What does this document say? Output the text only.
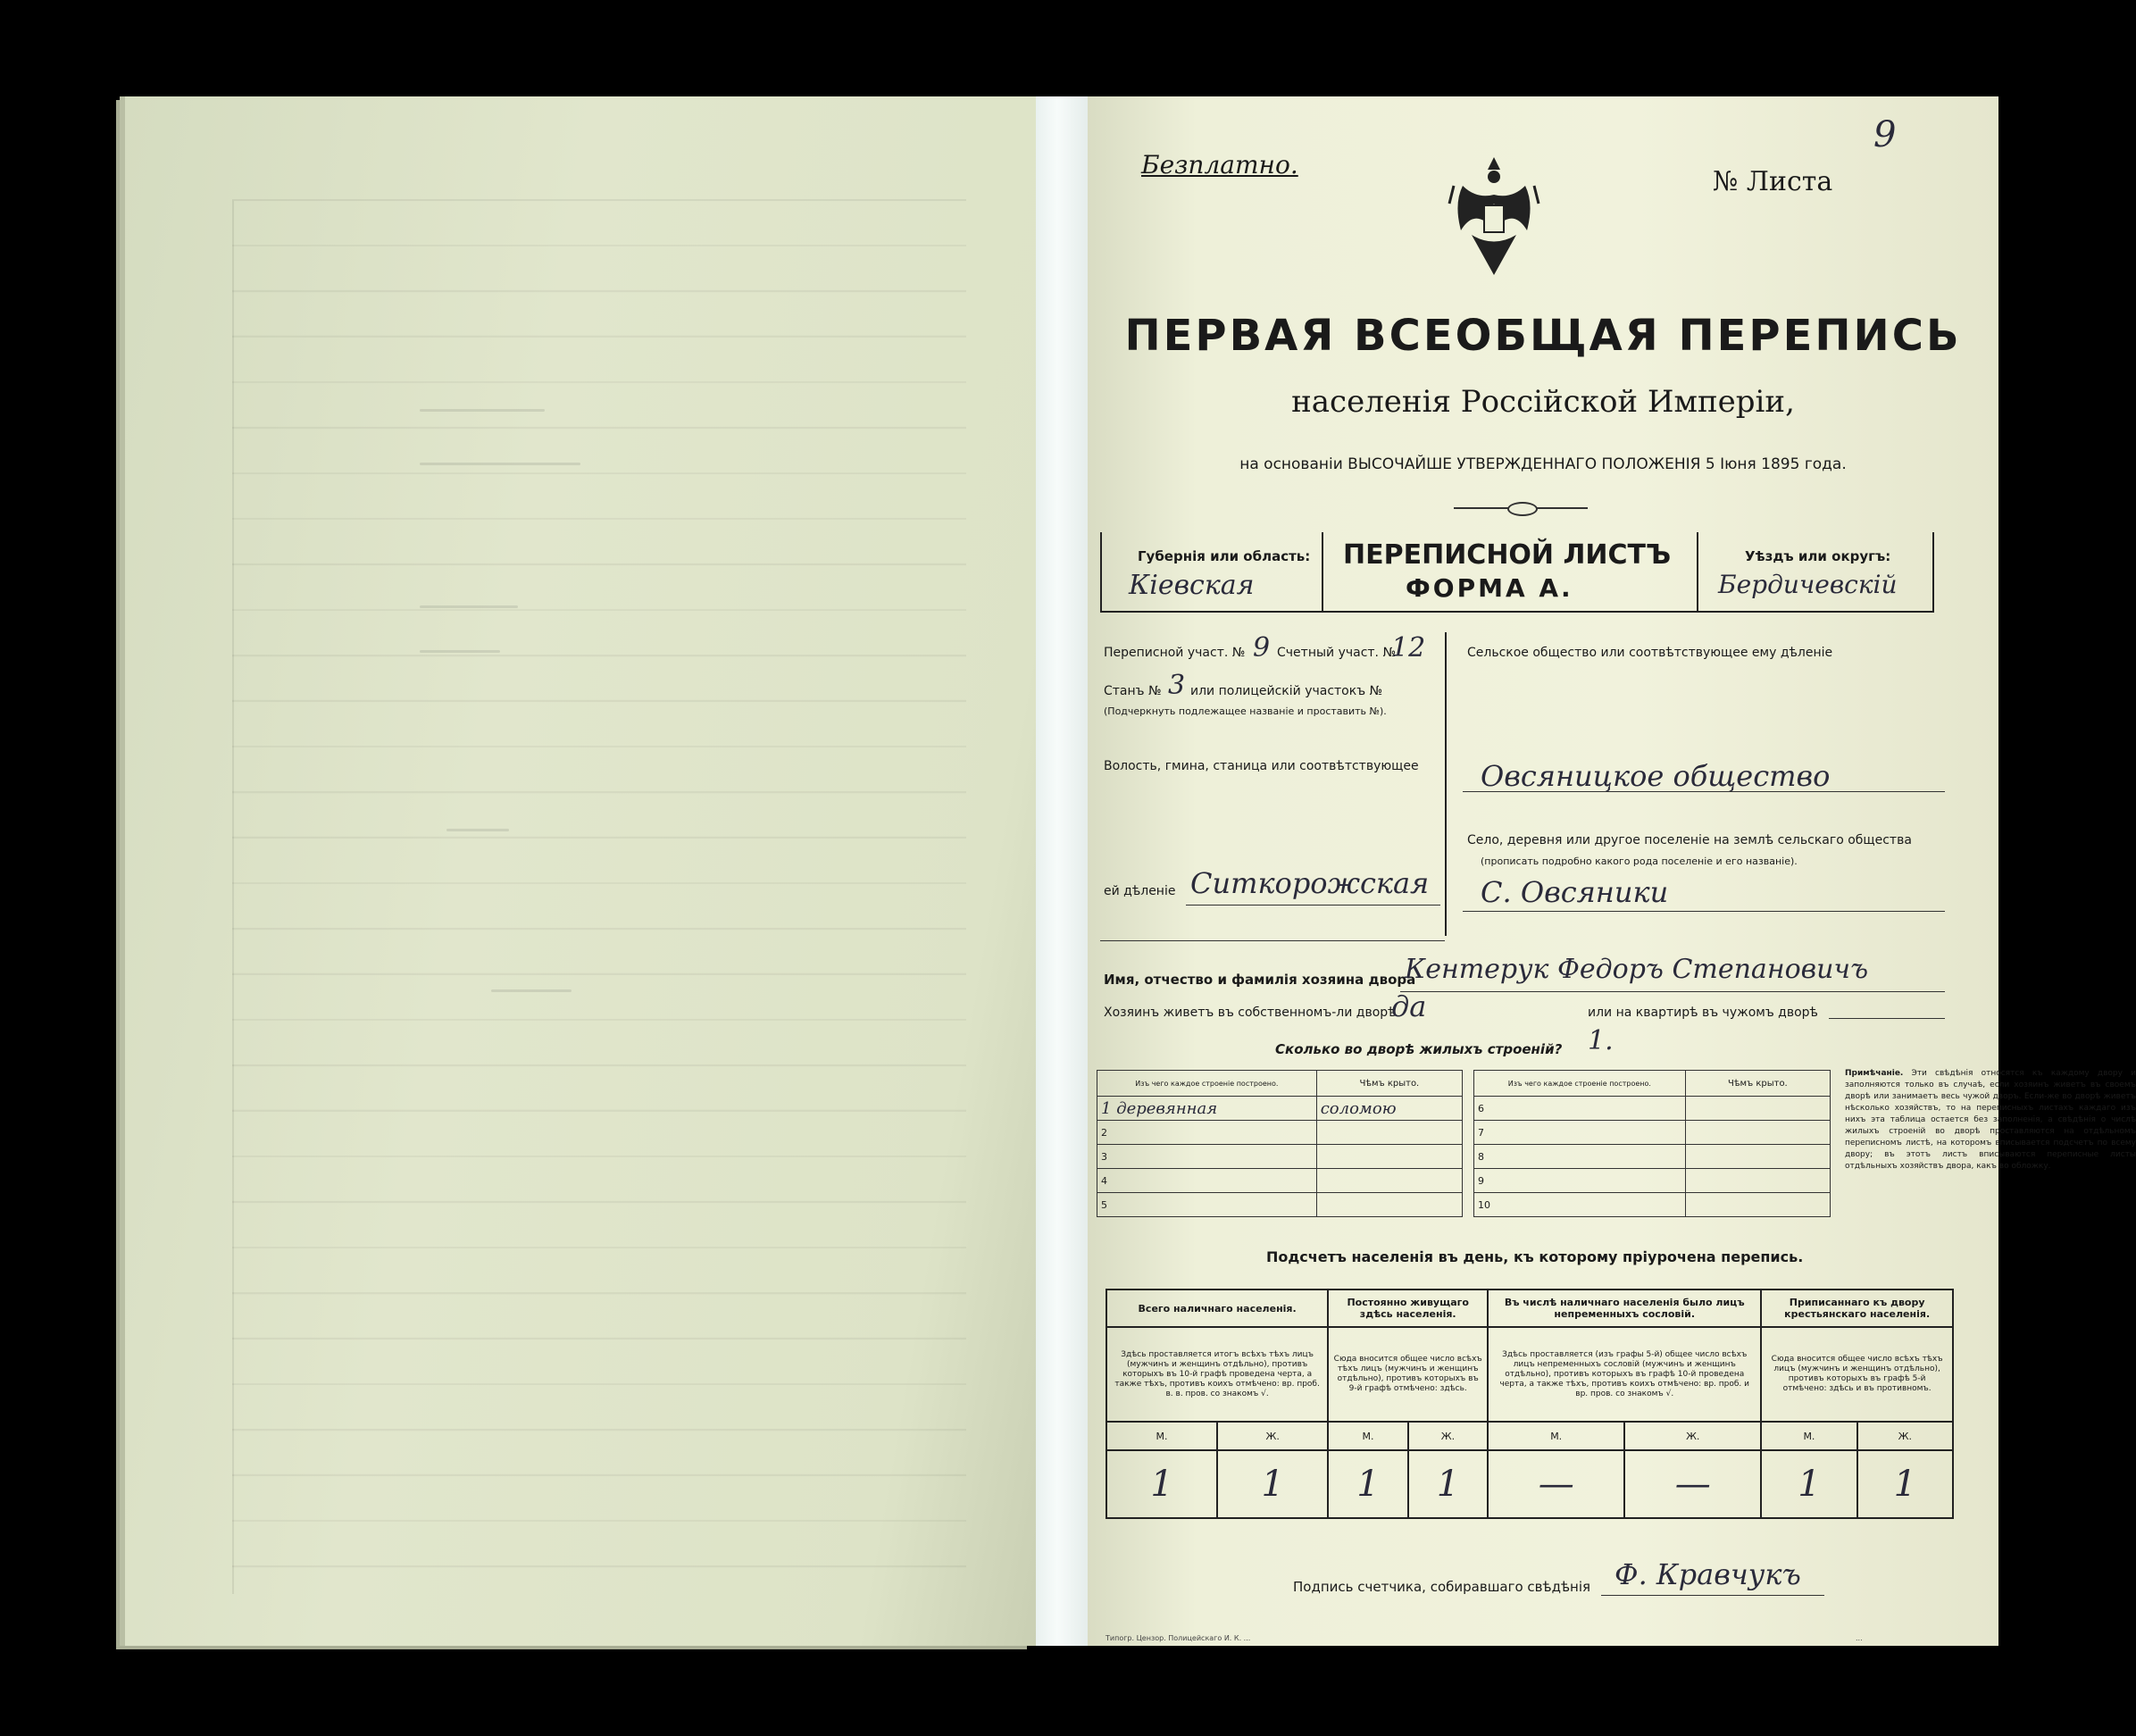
Безплатно.
№ Листа
9
ПЕРВАЯ ВСЕОБЩАЯ ПЕРЕПИСЬ
населенія Россійской Имперіи,
на основаніи ВЫСОЧАЙШЕ УТВЕРЖДЕННАГО ПОЛОЖЕНІЯ 5 Іюня 1895 года.
Губернія или область:
Кіевская
ПЕРЕПИСНОЙ ЛИСТЪ
ФОРМА А.
Уѣздъ или округъ:
Бердичевскій
Переписной участ. № 9 Счетный участ. №
12
Станъ № 3 или полицейскій участокъ №
(Подчеркнуть подлежащее названіе и проставить №).
Волость, гмина, станица или соотвѣтствующее
ей дѣленіе Ситкорожская
Сельское общество или соотвѣтствующее ему дѣленіе
Овсяницкое общество
Село, деревня или другое поселеніе на землѣ сельскаго общества
(прописать подробно какого рода поселеніе и его названіе).
С. Овсяники
Имя, отчество и фамилія хозяина двора
Кентерук Федоръ Степановичъ
Хозяинъ живетъ въ собственномъ-ли дворѣ
да	или на квартирѣ въ чужомъ дворѣ
Сколько во дворѣ жилыхъ строеній? 1.
Изъ чего каждое строеніе построено.	Чѣмъ крыто.
1 деревянная	соломою
2	
3	
4	
5	
Изъ чего каждое строеніе построено.	Чѣмъ крыто.
6	
7	
8	
9	
10	
Примѣчаніе. Эти свѣдѣнія относятся къ каждому двору и заполняются только въ случаѣ, если хозяинъ живетъ въ своемъ дворѣ или занимаетъ весь чужой дворъ. Если-же во дворѣ живетъ нѣсколько хозяйствъ, то на переписныхъ листахъ каждаго изъ нихъ эта таблица остается без заполненія, а свѣдѣнія о числѣ жилыхъ строеній во дворѣ проставляются на отдѣльномъ переписномъ листѣ, на которомъ вписывается подсчетъ по всему двору; въ этотъ листъ вписываются переписные листы отдѣльныхъ хозяйствъ двора, какъ во обложку.
Подсчетъ населенія въ день, къ которому пріурочена перепись.
Всего наличнаго населенія.		Постоянно живущаго здѣсь населенія.		Въ числѣ наличнаго населенія было лицъ непременныхъ сословій.		Приписаннаго къ двору крестьянскаго населенія.	
Здѣсь проставляется итогъ всѣхъ тѣхъ лицъ (мужчинъ и женщинъ отдѣльно), противъ которыхъ въ 10-й графѣ проведена черта, а также тѣхъ, противъ коихъ отмѣчено: вр. проб. в. в. пров. со знакомъ √.		Сюда вносится общее число всѣхъ тѣхъ лицъ (мужчинъ и женщинъ отдѣльно), противъ которыхъ въ 9-й графѣ отмѣчено: здѣсь.		Здѣсь проставляется (изъ графы 5-й) общее число всѣхъ лицъ непременныхъ сословій (мужчинъ и женщинъ отдѣльно), противъ которыхъ въ графѣ 10-й проведена черта, а также тѣхъ, противъ коихъ отмѣчено: вр. проб. и вр. пров. со знакомъ √.		Сюда вносится общее число всѣхъ тѣхъ лицъ (мужчинъ и женщинъ отдѣльно), противъ которыхъ въ графѣ 5-й отмѣчено: здѣсь и въ противномъ.	
М.	Ж.	М.	Ж.	М.	Ж.	М.	Ж.
1	1	1	1	—	—	1	1
Подпись счетчика, собиравшаго свѣдѣнія Ф. Кравчукъ
Типогр. Цензор. Полицейскаго И. К. ...	...
